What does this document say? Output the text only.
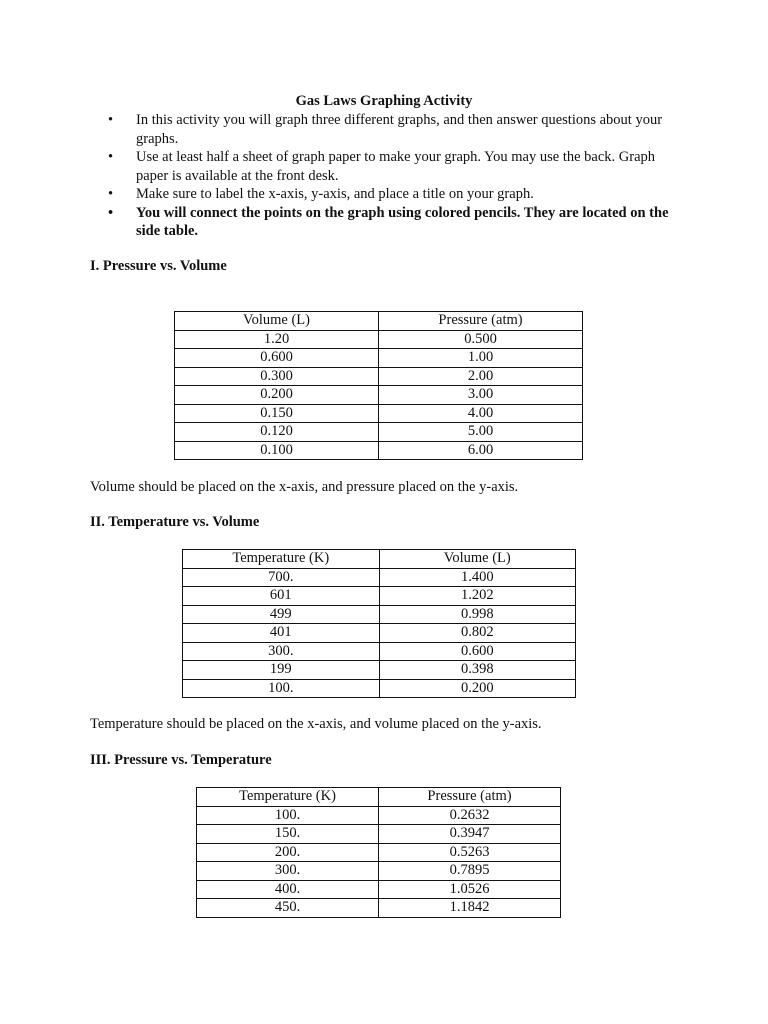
Gas Laws Graphing Activity
•	In this activity you will graph three different graphs, and then answer questions about your graphs.
•	Use at least half a sheet of graph paper to make your graph. You may use the back. Graph paper is available at the front desk.
•	Make sure to label the x-axis, y-axis, and place a title on your graph.
•	You will connect the points on the graph using colored pencils. They are located on the side table.
I. Pressure vs. Volume
Volume (L)	Pressure (atm)
1.20	0.500
0.600	1.00
0.300	2.00
0.200	3.00
0.150	4.00
0.120	5.00
0.100	6.00
Volume should be placed on the x-axis, and pressure placed on the y-axis.
II. Temperature vs. Volume
Temperature (K)	Volume (L)
700.	1.400
601	1.202
499	0.998
401	0.802
300.	0.600
199	0.398
100.	0.200
Temperature should be placed on the x-axis, and volume placed on the y-axis.
III. Pressure vs. Temperature
Temperature (K)	Pressure (atm)
100.	0.2632
150.	0.3947
200.	0.5263
300.	0.7895
400.	1.0526
450.	1.1842
